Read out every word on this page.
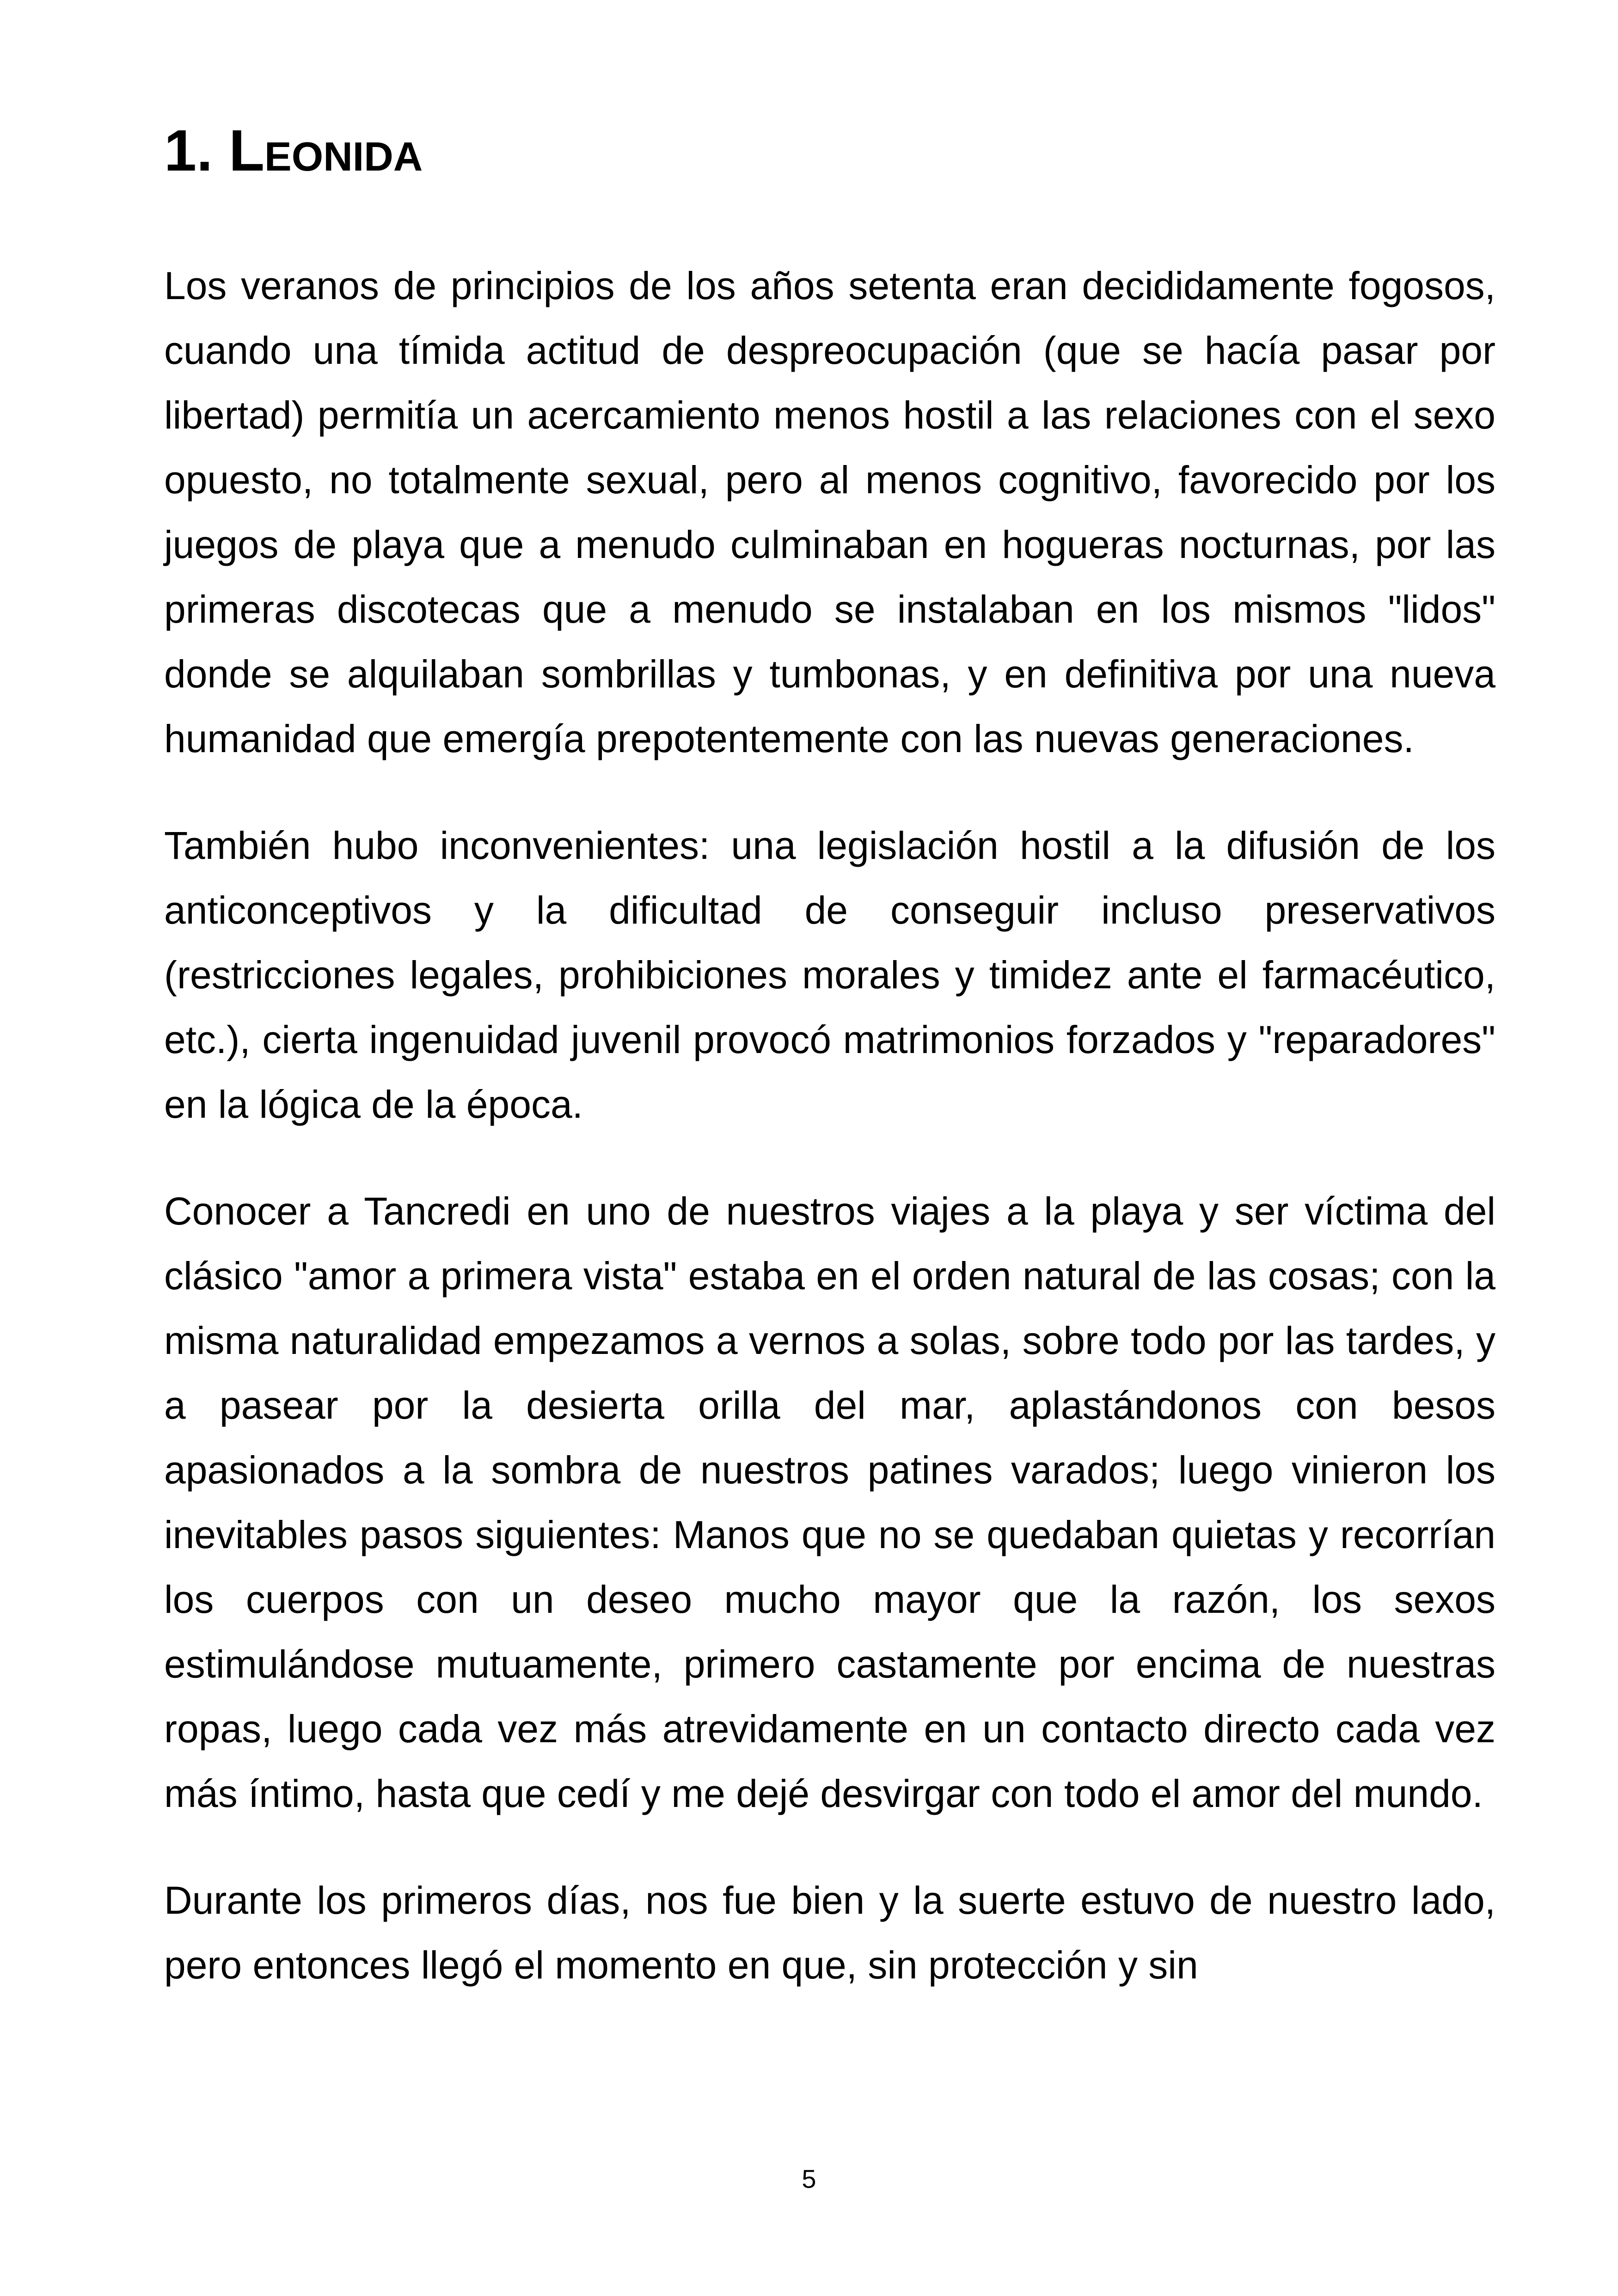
1. Leonida

Los veranos de principios de los años setenta eran decididamente fogosos, cuando una tímida actitud de despreocupación (que se hacía pasar por libertad) permitía un acercamiento menos hostil a las relaciones con el sexo opuesto, no totalmente sexual, pero al menos cognitivo, favorecido por los juegos de playa que a menudo culminaban en hogueras nocturnas, por las primeras discotecas que a menudo se instalaban en los mismos "lidos" donde se alquilaban sombrillas y tumbonas, y en definitiva por una nueva humanidad que emergía prepotentemente con las nuevas generaciones.

También hubo inconvenientes: una legislación hostil a la difusión de los anticonceptivos y la dificultad de conseguir incluso preservativos (restricciones legales, prohibiciones morales y timidez ante el farmacéutico, etc.), cierta ingenuidad juvenil provocó matrimonios forzados y "reparadores" en la lógica de la época.

Conocer a Tancredi en uno de nuestros viajes a la playa y ser víctima del clásico "amor a primera vista" estaba en el orden natural de las cosas; con la misma naturalidad empezamos a vernos a solas, sobre todo por las tardes, y a pasear por la desierta orilla del mar, aplastándonos con besos apasionados a la sombra de nuestros patines varados; luego vinieron los inevitables pasos siguientes: Manos que no se quedaban quietas y recorrían los cuerpos con un deseo mucho mayor que la razón, los sexos estimulándose mutuamente, primero castamente por encima de nuestras ropas, luego cada vez más atrevidamente en un contacto directo cada vez más íntimo, hasta que cedí y me dejé desvirgar con todo el amor del mundo.

Durante los primeros días, nos fue bien y la suerte estuvo de nuestro lado, pero entonces llegó el momento en que, sin protección y sin

5
